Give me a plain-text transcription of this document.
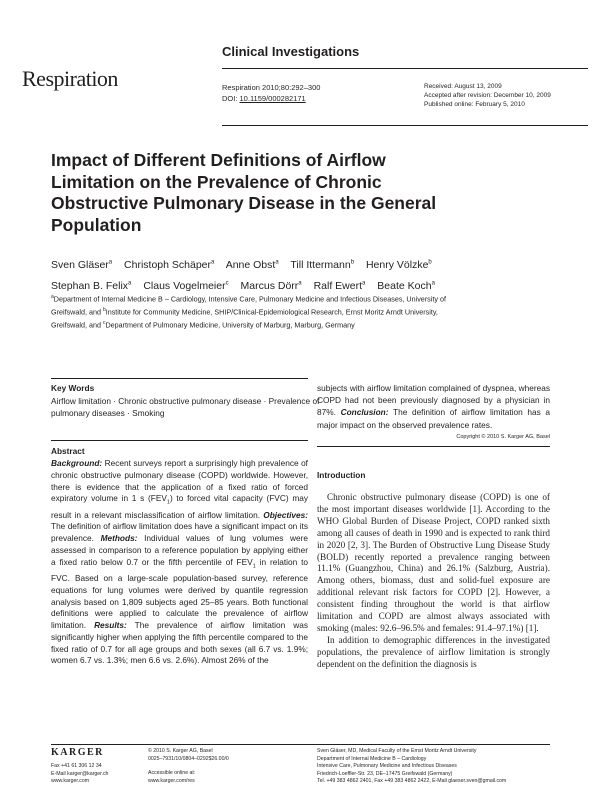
Respiration
Clinical Investigations
Respiration 2010;80:292–300
DOI: 10.1159/000282171
Received: August 13, 2009
Accepted after revision: December 10, 2009
Published online: February 5, 2010
Impact of Different Definitions of Airflow Limitation on the Prevalence of Chronic Obstructive Pulmonary Disease in the General Population
Sven Gläser$^a$ Christoph Schäper$^a$ Anne Obst$^a$ Till Ittermann$^b$ Henry Völzke$^b$
Stephan B. Felix$^a$ Claus Vogelmeier$^c$ Marcus Dörr$^a$ Ralf Ewert$^a$ Beate Koch$^a$
$^a$Department of Internal Medicine B – Cardiology, Intensive Care, Pulmonary Medicine and Infectious Diseases, University of Greifswald, and $^b$Institute for Community Medicine, SHIP/Clinical-Epidemiological Research, Ernst Moritz Arndt University, Greifswald, and $^c$Department of Pulmonary Medicine, University of Marburg, Marburg, Germany
Key Words
Airflow limitation · Chronic obstructive pulmonary disease · Prevalence of pulmonary diseases · Smoking
Abstract
Background: Recent surveys report a surprisingly high prevalence of chronic obstructive pulmonary disease (COPD) worldwide. However, there is evidence that the application of a fixed ratio of forced expiratory volume in 1 s $(FEV_1)$ to forced vital capacity (FVC) may result in a relevant misclassification of airflow limitation. Objectives: The definition of airflow limitation does have a significant impact on its prevalence. Methods: Individual values of lung volumes were assessed in comparison to a reference population by applying either a fixed ratio below 0.7 or the fifth percentile of $FEV_1$ in relation to FVC. Based on a large-scale population-based survey, reference equations for lung volumes were derived by quantile regression analysis based on 1,809 subjects aged 25–85 years. Both functional definitions were applied to calculate the prevalence of airflow limitation. Results: The prevalence of airflow limitation was significantly higher when applying the fifth percentile compared to the fixed ratio of 0.7 for all age groups and both sexes (all 6.7 vs. 1.9%; women 6.7 vs. 1.3%; men 6.6 vs. 2.6%). Almost 26% of the
subjects with airflow limitation complained of dyspnea, whereas COPD had not been previously diagnosed by a physician in 87%. Conclusion: The definition of airflow limitation has a major impact on the observed prevalence rates.
Copyright © 2010 S. Karger AG, Basel
Introduction

Chronic obstructive pulmonary disease (COPD) is one of the most important diseases worldwide [1]. According to the WHO Global Burden of Disease Project, COPD ranked sixth among all causes of death in 1990 and is expected to rank third in 2020 [2, 3]. The Burden of Obstructive Lung Disease Study (BOLD) recently reported a prevalence ranging between 11.1% (Guangzhou, China) and 26.1% (Salzburg, Austria). Among others, biomass, dust and solid-fuel exposure are additional relevant risk factors for COPD [2]. However, a consistent finding throughout the world is that airflow limitation and COPD are almost always associated with smoking (males: 92.6–96.5% and females: 91.4–97.1%) [1].

In addition to demographic differences in the investigated populations, the prevalence of airflow limitation is strongly dependent on the definition the diagnosis is

KARGER
Fax +41 61 306 12 34
E-Mail karger@karger.ch
www.karger.com
© 2010 S. Karger AG, Basel
0025–7931/10/0804–0292$26.00/0
Accessible online at:
www.karger.com/res
Sven Gläser, MD, Medical Faculty of the Ernst Moritz Arndt University
Department of Internal Medicine B – Cardiology
Intensive Care, Pulmonary Medicine and Infectious Diseases
Friedrich-Loeffler-Str. 23, DE–17475 Greifswald (Germany)
Tel. +49 383 4862 2401, Fax +49 383 4862 2422, E-Mail glaeser.sven@gmail.com
